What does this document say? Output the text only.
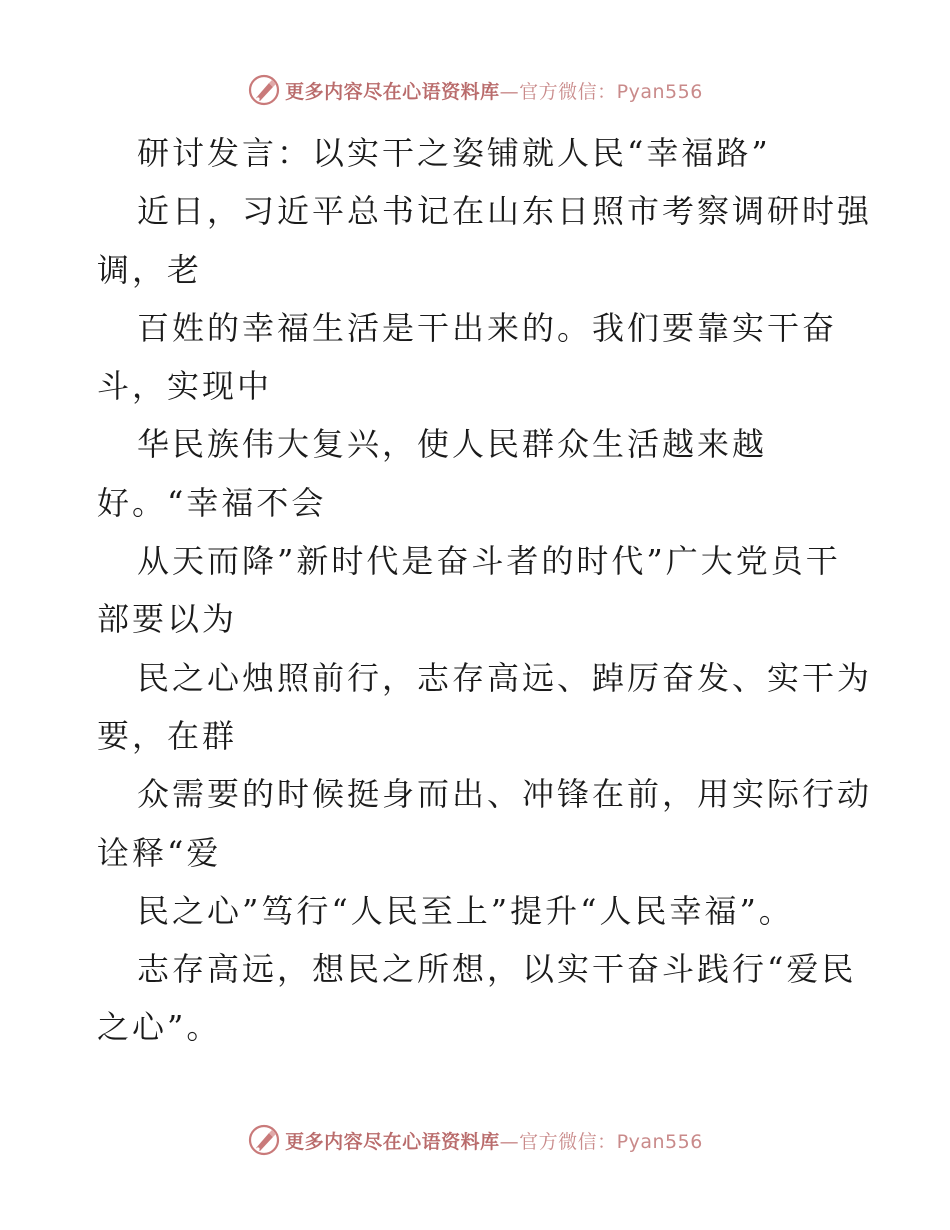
更多内容尽在心语资料库—官方微信：Pyan556
研讨发言：以实干之姿铺就人民“幸福路”
近日，习近平总书记在山东日照市考察调研时强
调，老
百姓的幸福生活是干出来的。我们要靠实干奋
斗，实现中
华民族伟大复兴，使人民群众生活越来越
好。“幸福不会
从天而降”新时代是奋斗者的时代”广大党员干
部要以为
民之心烛照前行，志存高远、踔厉奋发、实干为
要，在群
众需要的时候挺身而出、冲锋在前，用实际行动
诠释“爱
民之心”笃行“人民至上”提升“人民幸福”。
志存高远，想民之所想，以实干奋斗践行“爱民
之心”。
更多内容尽在心语资料库—官方微信：Pyan556
